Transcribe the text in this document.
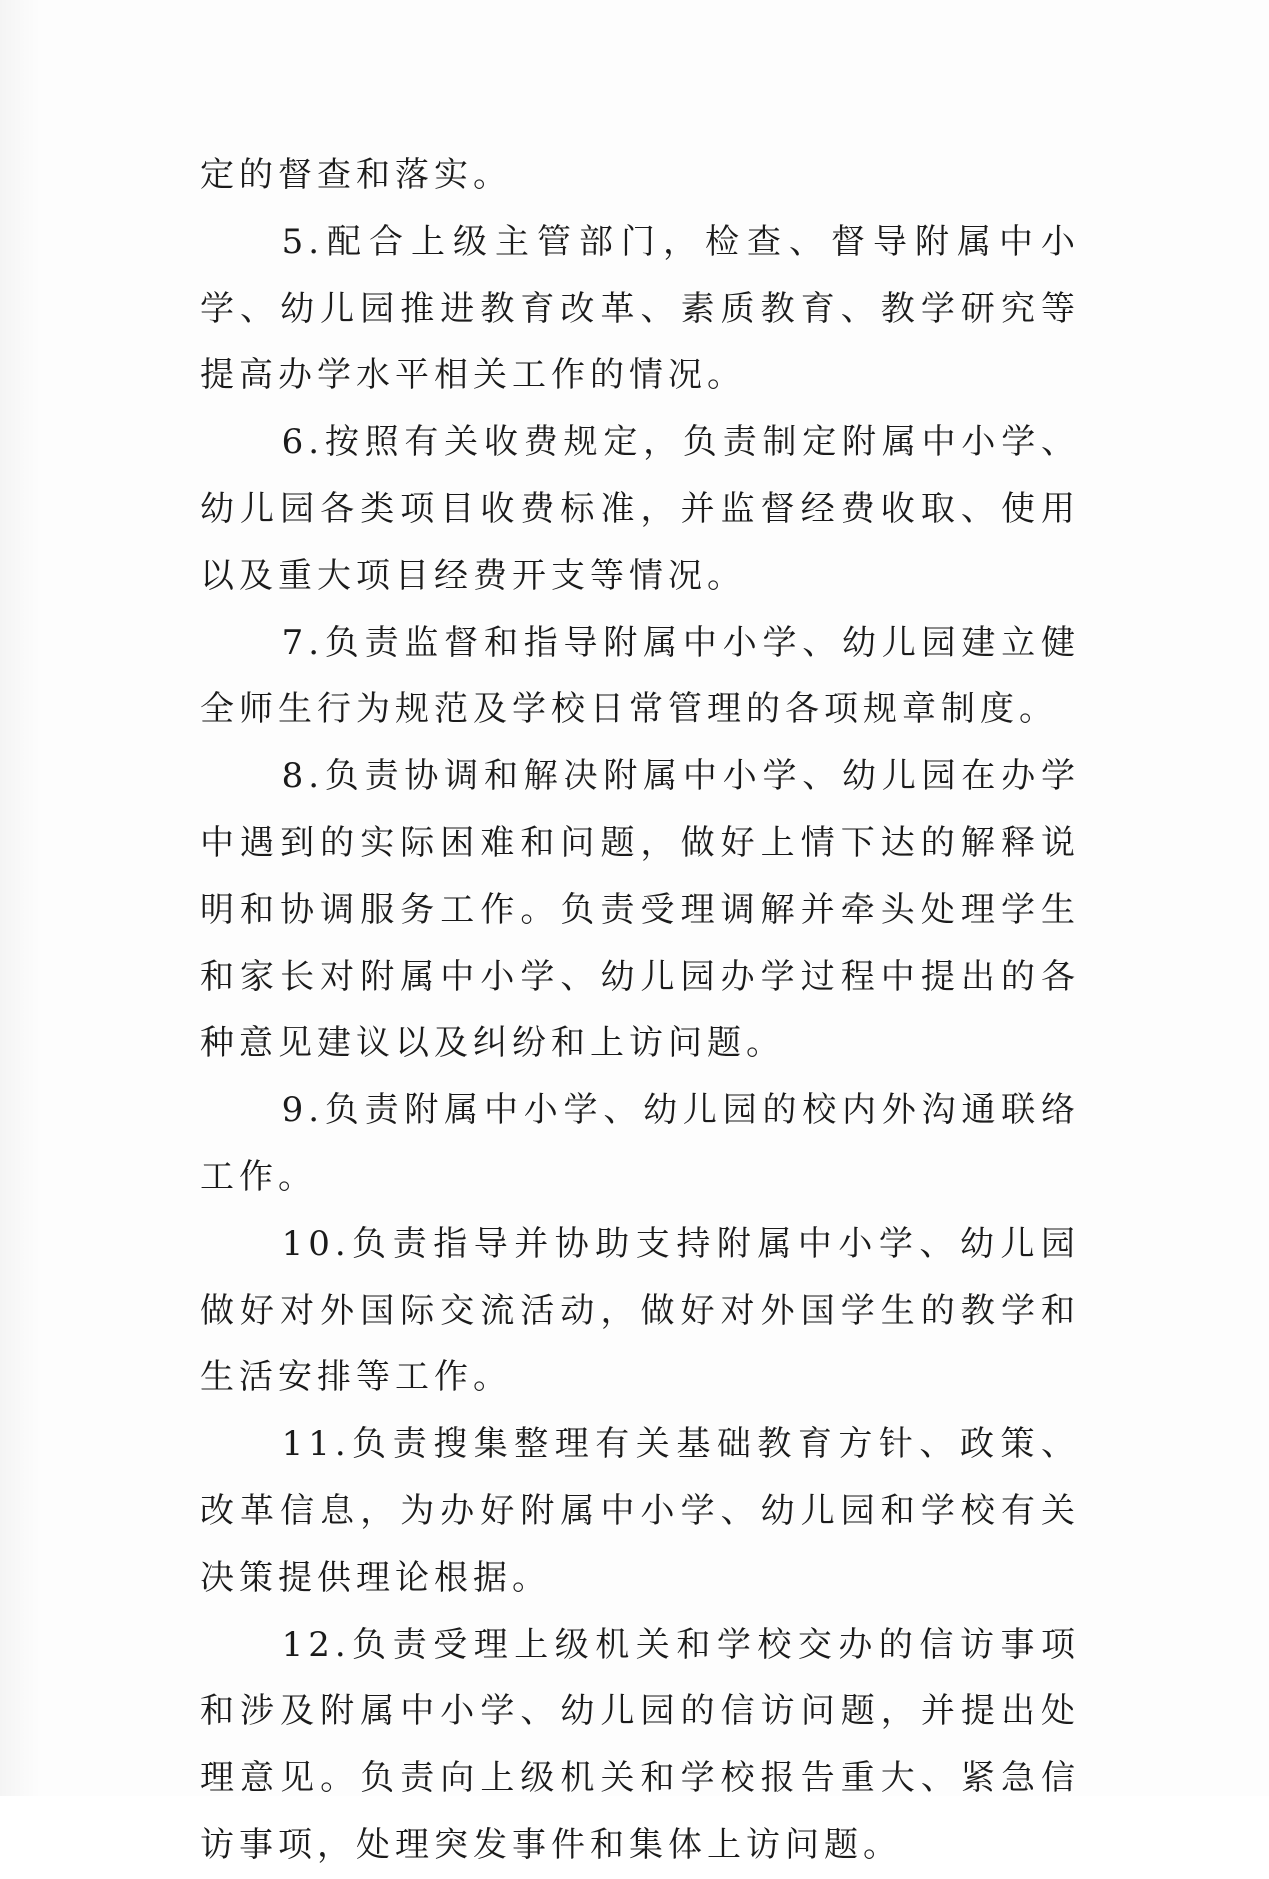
定的督查和落实。

5.配合上级主管部门，检查、督导附属中小学、幼儿园推进教育改革、素质教育、教学研究等提高办学水平相关工作的情况。

6.按照有关收费规定，负责制定附属中小学、幼儿园各类项目收费标准，并监督经费收取、使用以及重大项目经费开支等情况。

7.负责监督和指导附属中小学、幼儿园建立健全师生行为规范及学校日常管理的各项规章制度。

8.负责协调和解决附属中小学、幼儿园在办学中遇到的实际困难和问题，做好上情下达的解释说明和协调服务工作。负责受理调解并牵头处理学生和家长对附属中小学、幼儿园办学过程中提出的各种意见建议以及纠纷和上访问题。

9.负责附属中小学、幼儿园的校内外沟通联络工作。

10.负责指导并协助支持附属中小学、幼儿园做好对外国际交流活动，做好对外国学生的教学和生活安排等工作。

11.负责搜集整理有关基础教育方针、政策、改革信息，为办好附属中小学、幼儿园和学校有关决策提供理论根据。

12.负责受理上级机关和学校交办的信访事项和涉及附属中小学、幼儿园的信访问题，并提出处理意见。负责向上级机关和学校报告重大、紧急信访事项，处理突发事件和集体上访问题。
